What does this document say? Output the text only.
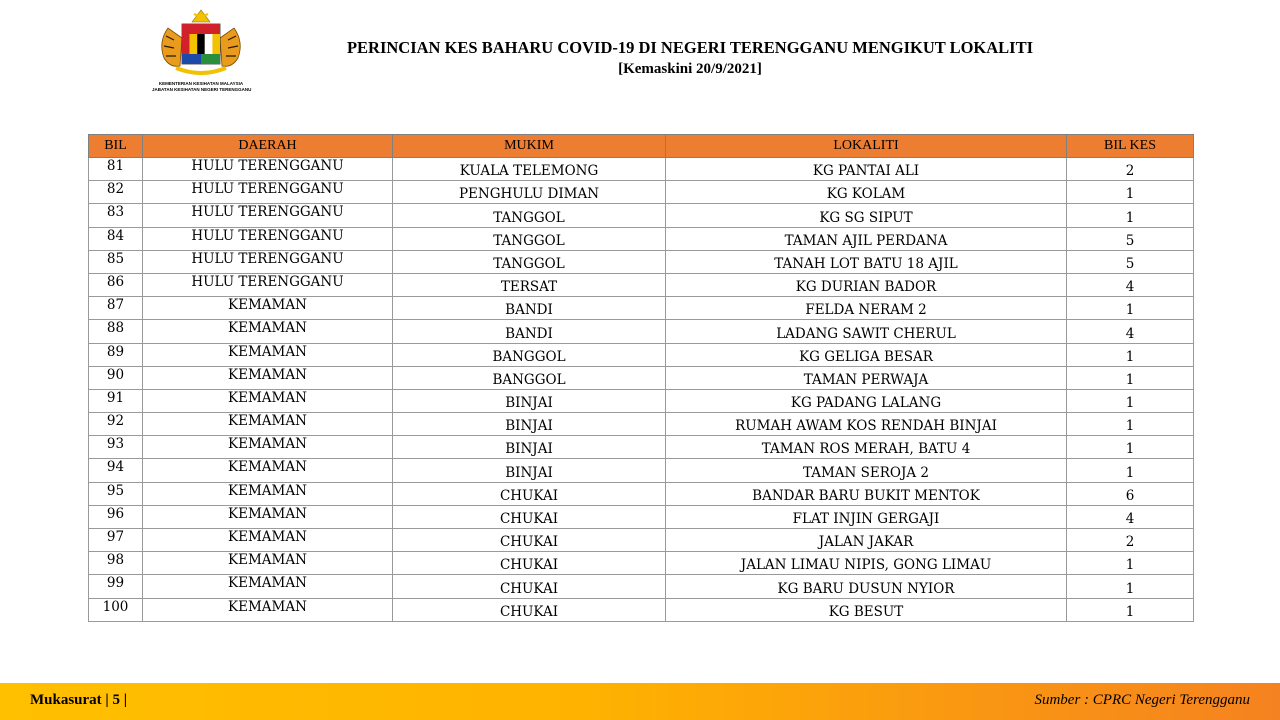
KEMENTERIAN KESIHATAN MALAYSIA
JABATAN KESIHATAN NEGERI TERENGGANU
PERINCIAN KES BAHARU COVID-19 DI NEGERI TERENGGANU MENGIKUT LOKALITI
[Kemaskini 20/9/2021]
BIL	DAERAH	MUKIM	LOKALITI	BIL KES
81	HULU TERENGGANU	KUALA TELEMONG	KG PANTAI ALI	2
82	HULU TERENGGANU	PENGHULU DIMAN	KG KOLAM	1
83	HULU TERENGGANU	TANGGOL	KG SG SIPUT	1
84	HULU TERENGGANU	TANGGOL	TAMAN AJIL PERDANA	5
85	HULU TERENGGANU	TANGGOL	TANAH LOT BATU 18 AJIL	5
86	HULU TERENGGANU	TERSAT	KG DURIAN BADOR	4
87	KEMAMAN	BANDI	FELDA NERAM 2	1
88	KEMAMAN	BANDI	LADANG SAWIT CHERUL	4
89	KEMAMAN	BANGGOL	KG GELIGA BESAR	1
90	KEMAMAN	BANGGOL	TAMAN PERWAJA	1
91	KEMAMAN	BINJAI	KG PADANG LALANG	1
92	KEMAMAN	BINJAI	RUMAH AWAM KOS RENDAH BINJAI	1
93	KEMAMAN	BINJAI	TAMAN ROS MERAH, BATU 4	1
94	KEMAMAN	BINJAI	TAMAN SEROJA 2	1
95	KEMAMAN	CHUKAI	BANDAR BARU BUKIT MENTOK	6
96	KEMAMAN	CHUKAI	FLAT INJIN GERGAJI	4
97	KEMAMAN	CHUKAI	JALAN JAKAR	2
98	KEMAMAN	CHUKAI	JALAN LIMAU NIPIS, GONG LIMAU	1
99	KEMAMAN	CHUKAI	KG BARU DUSUN NYIOR	1
100	KEMAMAN	CHUKAI	KG BESUT	1
Mukasurat | 5 |	Sumber : CPRC Negeri Terengganu
